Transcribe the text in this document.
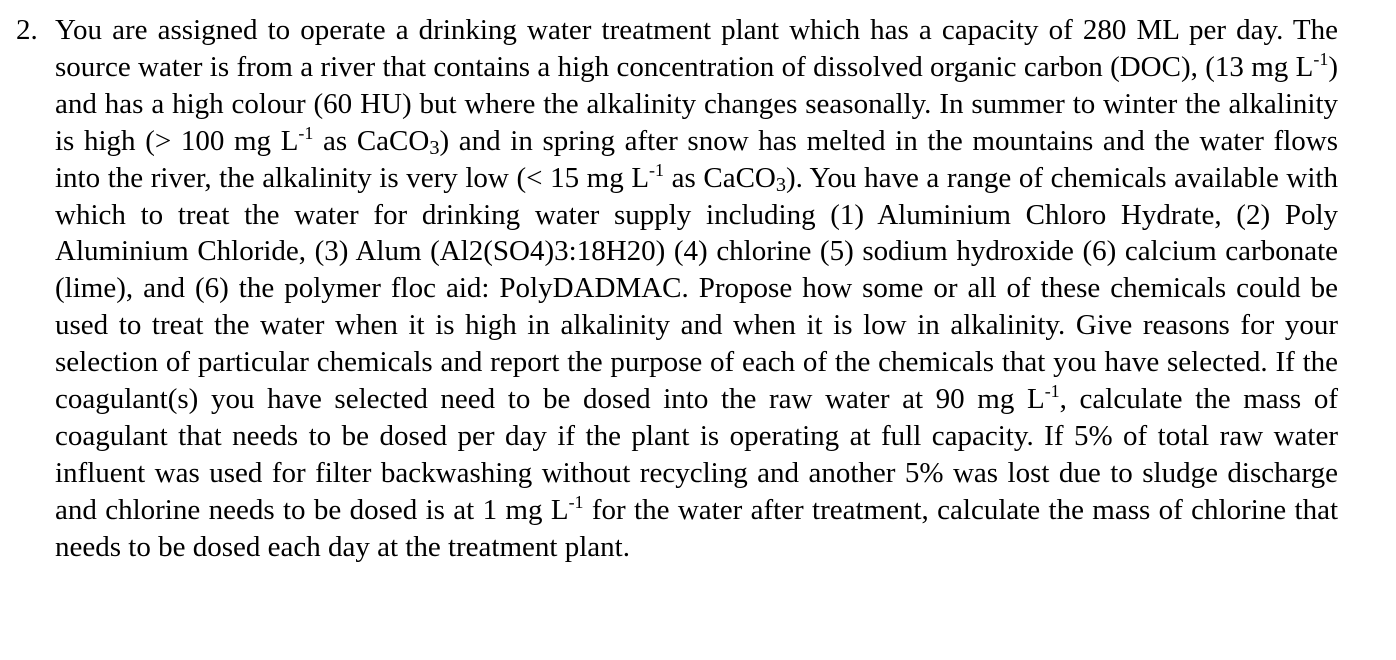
2. You are assigned to operate a drinking water treatment plant which has a capacity of 280 ML per day. The source water is from a river that contains a high concentration of dissolved organic carbon (DOC), (13 mg $L^{-1}$) and has a high colour (60 HU) but where the alkalinity changes seasonally. In summer to winter the alkalinity is high (> 100 mg $L^{-1}$ as CaCO$_3$) and in spring after snow has melted in the mountains and the water flows into the river, the alkalinity is very low (< 15 mg $L^{-1}$ as CaCO$_3$). You have a range of chemicals available with which to treat the water for drinking water supply including (1) Aluminium Chloro Hydrate, (2) Poly Aluminium Chloride, (3) Alum (Al2(SO4)3:18H20) (4) chlorine (5) sodium hydroxide (6) calcium carbonate (lime), and (6) the polymer floc aid: PolyDADMAC. Propose how some or all of these chemicals could be used to treat the water when it is high in alkalinity and when it is low in alkalinity. Give reasons for your selection of particular chemicals and report the purpose of each of the chemicals that you have selected. If the coagulant(s) you have selected need to be dosed into the raw water at 90 mg $L^{-1}$, calculate the mass of coagulant that needs to be dosed per day if the plant is operating at full capacity. If 5% of total raw water influent was used for filter backwashing without recycling and another 5% was lost due to sludge discharge and chlorine needs to be dosed is at 1 mg $L^{-1}$ for the water after treatment, calculate the mass of chlorine that needs to be dosed each day at the treatment plant.
